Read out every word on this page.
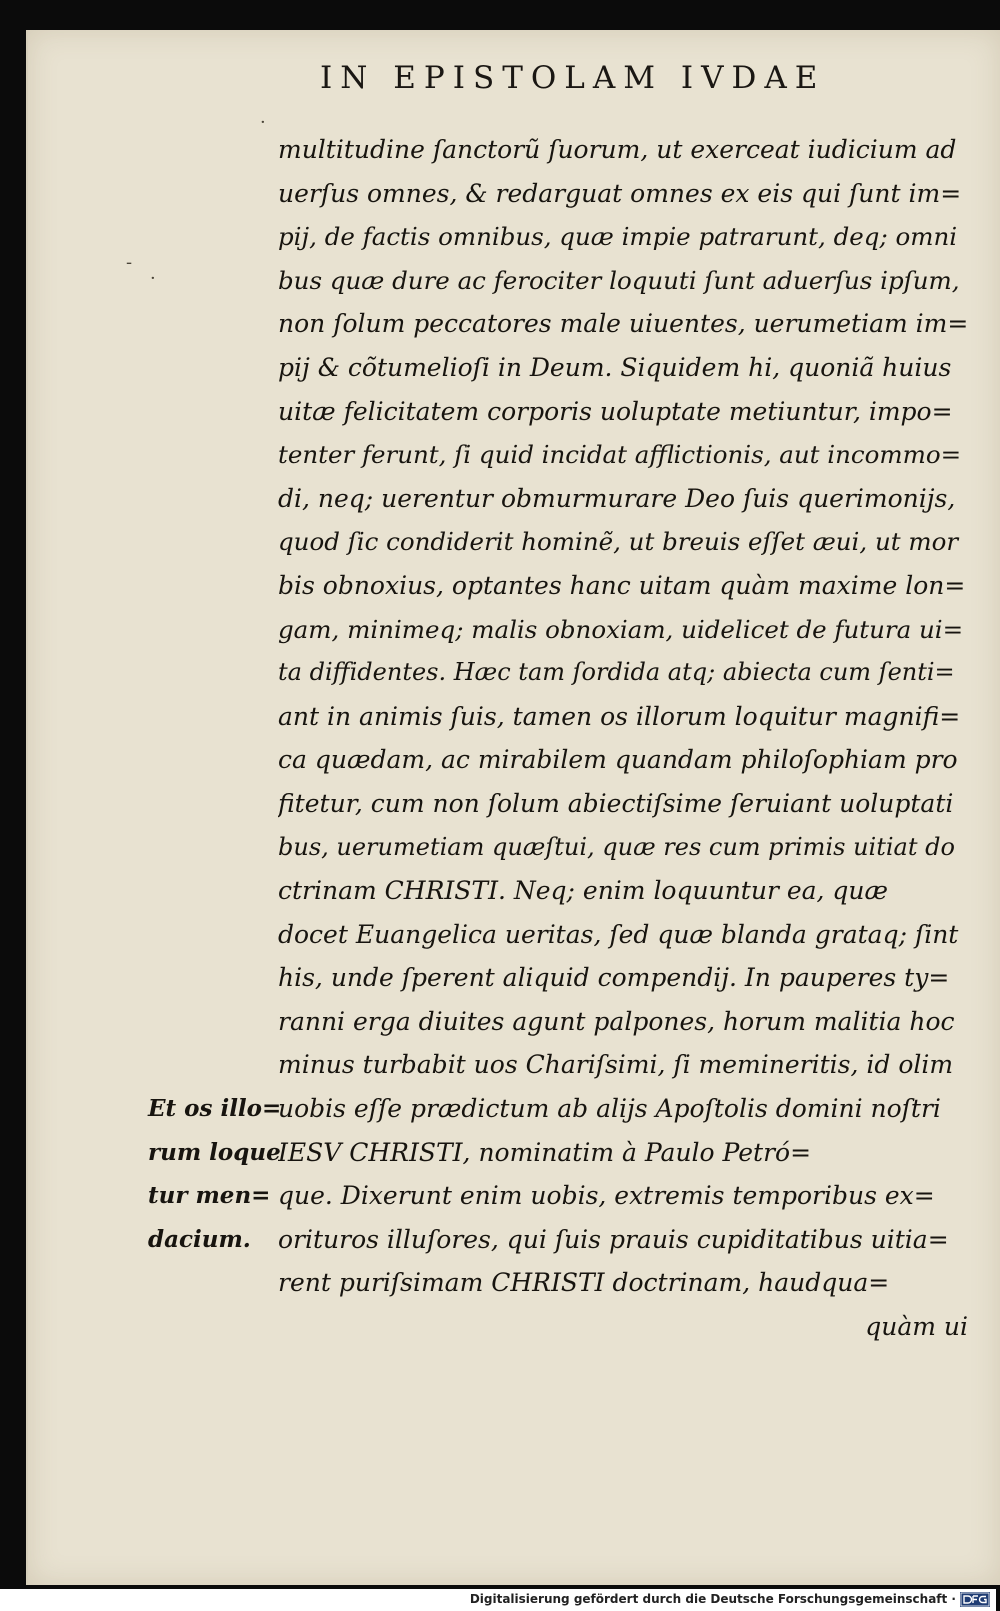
·
-
·
IN EPISTOLAM IVDAE
multitudine ſanctorũ ſuorum, ut exerceat iudicium ad
uerſus omnes, & redarguat omnes ex eis qui ſunt im=
pij, de factis omnibus, quæ impie patrarunt, deq; omni
bus quæ dure ac ferociter loquuti ſunt aduerſus ipſum,
non ſolum peccatores male uiuentes, uerumetiam im=
pij & cõtumelioſi in Deum. Siquidem hi, quoniã huius
uitæ felicitatem corporis uoluptate metiuntur, impo=
tenter ferunt, ſi quid incidat afflictionis, aut incommo=
di, neq; uerentur obmurmurare Deo ſuis querimonijs,
quod ſic condiderit hominẽ, ut breuis eſſet æui, ut mor
bis obnoxius, optantes hanc uitam quàm maxime lon=
gam, minimeq; malis obnoxiam, uidelicet de futura ui=
ta diffidentes. Hæc tam ſordida atq; abiecta cum ſenti=
ant in animis ſuis, tamen os illorum loquitur magnifi=
ca quædam, ac mirabilem quandam philoſophiam pro
fitetur, cum non ſolum abiectiſsime ſeruiant uoluptati
bus, uerumetiam quæſtui, quæ res cum primis uitiat do
ctrinam CHRISTI. Neq; enim loquuntur ea, quæ
docet Euangelica ueritas, ſed quæ blanda grataq; ſint
his, unde ſperent aliquid compendij. In pauperes ty=
ranni erga diuites agunt palpones, horum malitia hoc
minus turbabit uos Chariſsimi, ſi memineritis, id olim
uobis eſſe prædictum ab alijs Apoſtolis domini noſtri
IESV CHRISTI, nominatim à Paulo Petró=
que. Dixerunt enim uobis, extremis temporibus ex=
orituros illuſores, qui ſuis prauis cupiditatibus uitia=
rent puriſsimam CHRISTI doctrinam, haudqua=
quàm ui
Et os illo=
rum loque
tur men=
dacium.
Digitalisierung gefördert durch die Deutsche Forschungsgemeinschaft ·
